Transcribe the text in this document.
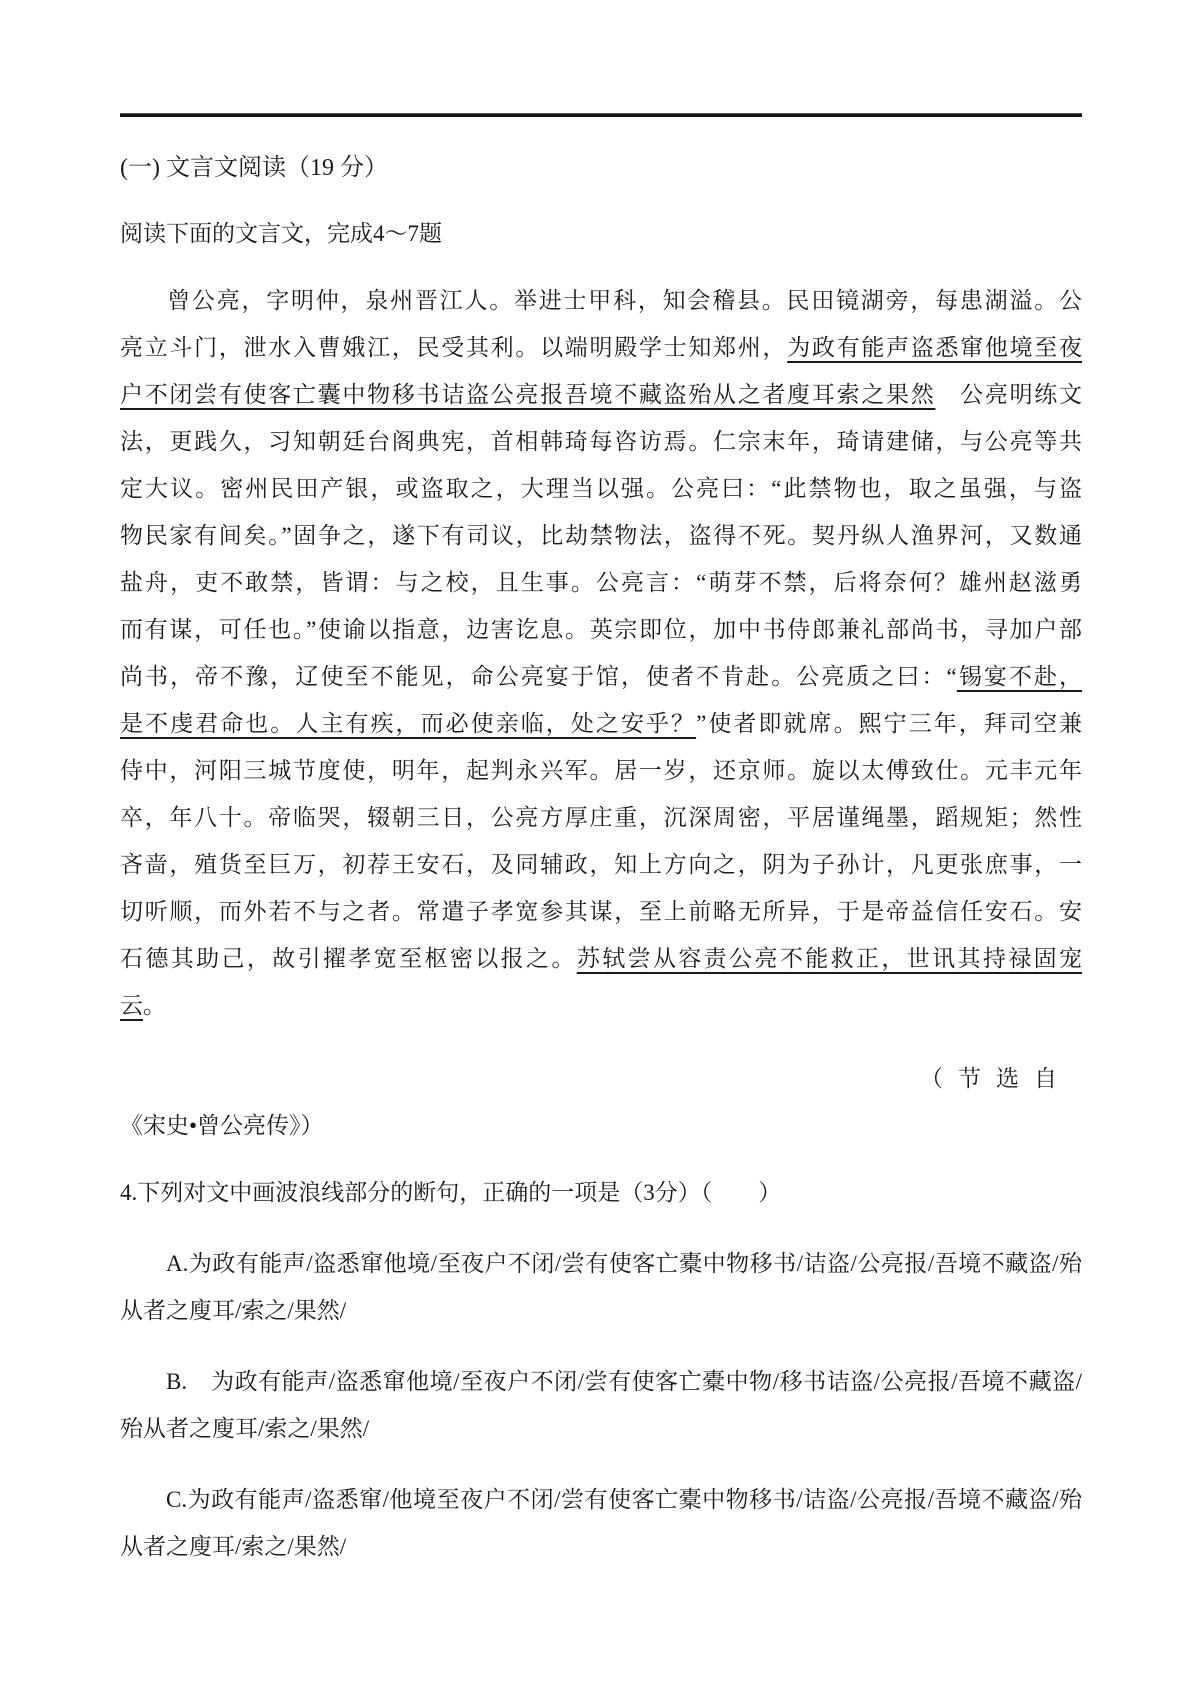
(一) 文言文阅读（19 分）
阅读下面的文言文，完成4～7题
曾公亮，字明仲，泉州晋江人。举进士甲科，知会稽县。民田镜湖旁，每患湖溢。公
亮立斗门，泄水入曹娥江，民受其利。以端明殿学士知郑州，为政有能声盗悉窜他境至夜
户不闭尝有使客亡囊中物移书诘盗公亮报吾境不藏盗殆从之者廋耳索之果然　公亮明练文
法，更践久，习知朝廷台阁典宪，首相韩琦每咨访焉。仁宗末年，琦请建储，与公亮等共
定大议。密州民田产银，或盗取之，大理当以强。公亮曰：“此禁物也，取之虽强，与盗
物民家有间矣。”固争之，遂下有司议，比劫禁物法，盗得不死。契丹纵人渔界河，又数通
盐舟，吏不敢禁，皆谓：与之校，且生事。公亮言：“萌芽不禁，后将奈何？雄州赵滋勇
而有谋，可任也。”使谕以指意，边害讫息。英宗即位，加中书侍郎兼礼部尚书，寻加户部
尚书，帝不豫，辽使至不能见，命公亮宴于馆，使者不肯赴。公亮质之曰：“锡宴不赴，
是不虔君命也。人主有疾，而必使亲临，处之安乎？”使者即就席。熙宁三年，拜司空兼
侍中，河阳三城节度使，明年，起判永兴军。居一岁，还京师。旋以太傅致仕。元丰元年
卒，年八十。帝临哭，辍朝三日，公亮方厚庄重，沉深周密，平居谨绳墨，蹈规矩；然性
吝啬，殖货至巨万，初荐王安石，及同辅政，知上方向之，阴为子孙计，凡更张庶事，一
切听顺，而外若不与之者。常遣子孝宽参其谋，至上前略无所异，于是帝益信任安石。安
石德其助己，故引擢孝宽至枢密以报之。苏轼尝从容责公亮不能救正，世讯其持禄固宠
云。
（节选自
《宋史•曾公亮传》）
4.下列对文中画波浪线部分的断句，正确的一项是（3分）（　　）

A.为政有能声/盗悉窜他境/至夜户不闭/尝有使客亡橐中物移书/诘盗/公亮报/吾境不藏盗/殆从者之廋耳/索之/果然/

B.　为政有能声/盗悉窜他境/至夜户不闭/尝有使客亡橐中物/移书诘盗/公亮报/吾境不藏盗/殆从者之廋耳/索之/果然/

C.为政有能声/盗悉窜/他境至夜户不闭/尝有使客亡橐中物移书/诘盗/公亮报/吾境不藏盗/殆从者之廋耳/索之/果然/
